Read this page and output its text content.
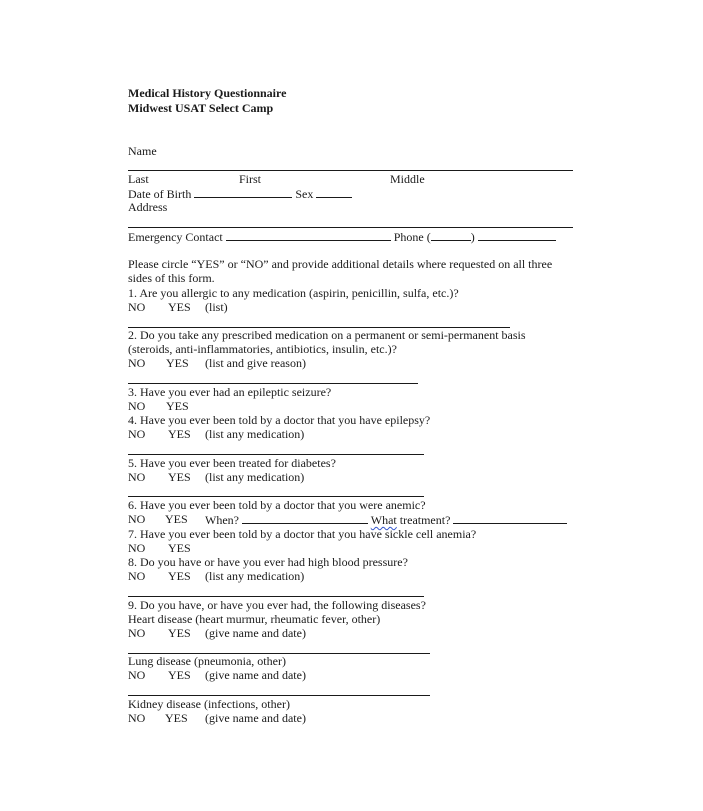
Medical History Questionnaire
Midwest USAT Select Camp
Name
Last	First	Middle
Date of Birth	Sex
Address
Emergency Contact	Phone (	)
Please circle “YES” or “NO” and provide additional details where requested on all three
sides of this form.
1. Are you allergic to any medication (aspirin, penicillin, sulfa, etc.)?
NO YES (list)
2. Do you take any prescribed medication on a permanent or semi-permanent basis
(steroids, anti-inflammatories, antibiotics, insulin, etc.)?
NO YES (list and give reason)
3. Have you ever had an epileptic seizure?
NO YES
4. Have you ever been told by a doctor that you have epilepsy?
NO YES (list any medication)
5. Have you ever been treated for diabetes?
NO YES (list any medication)
6. Have you ever been told by a doctor that you were anemic?
NO YES When?	What treatment?
7. Have you ever been told by a doctor that you have sickle cell anemia?
NO YES
8. Do you have or have you ever had high blood pressure?
NO YES (list any medication)
9. Do you have, or have you ever had, the following diseases?
Heart disease (heart murmur, rheumatic fever, other)
NO YES (give name and date)
Lung disease (pneumonia, other)
NO YES (give name and date)
Kidney disease (infections, other)
NO YES (give name and date)
